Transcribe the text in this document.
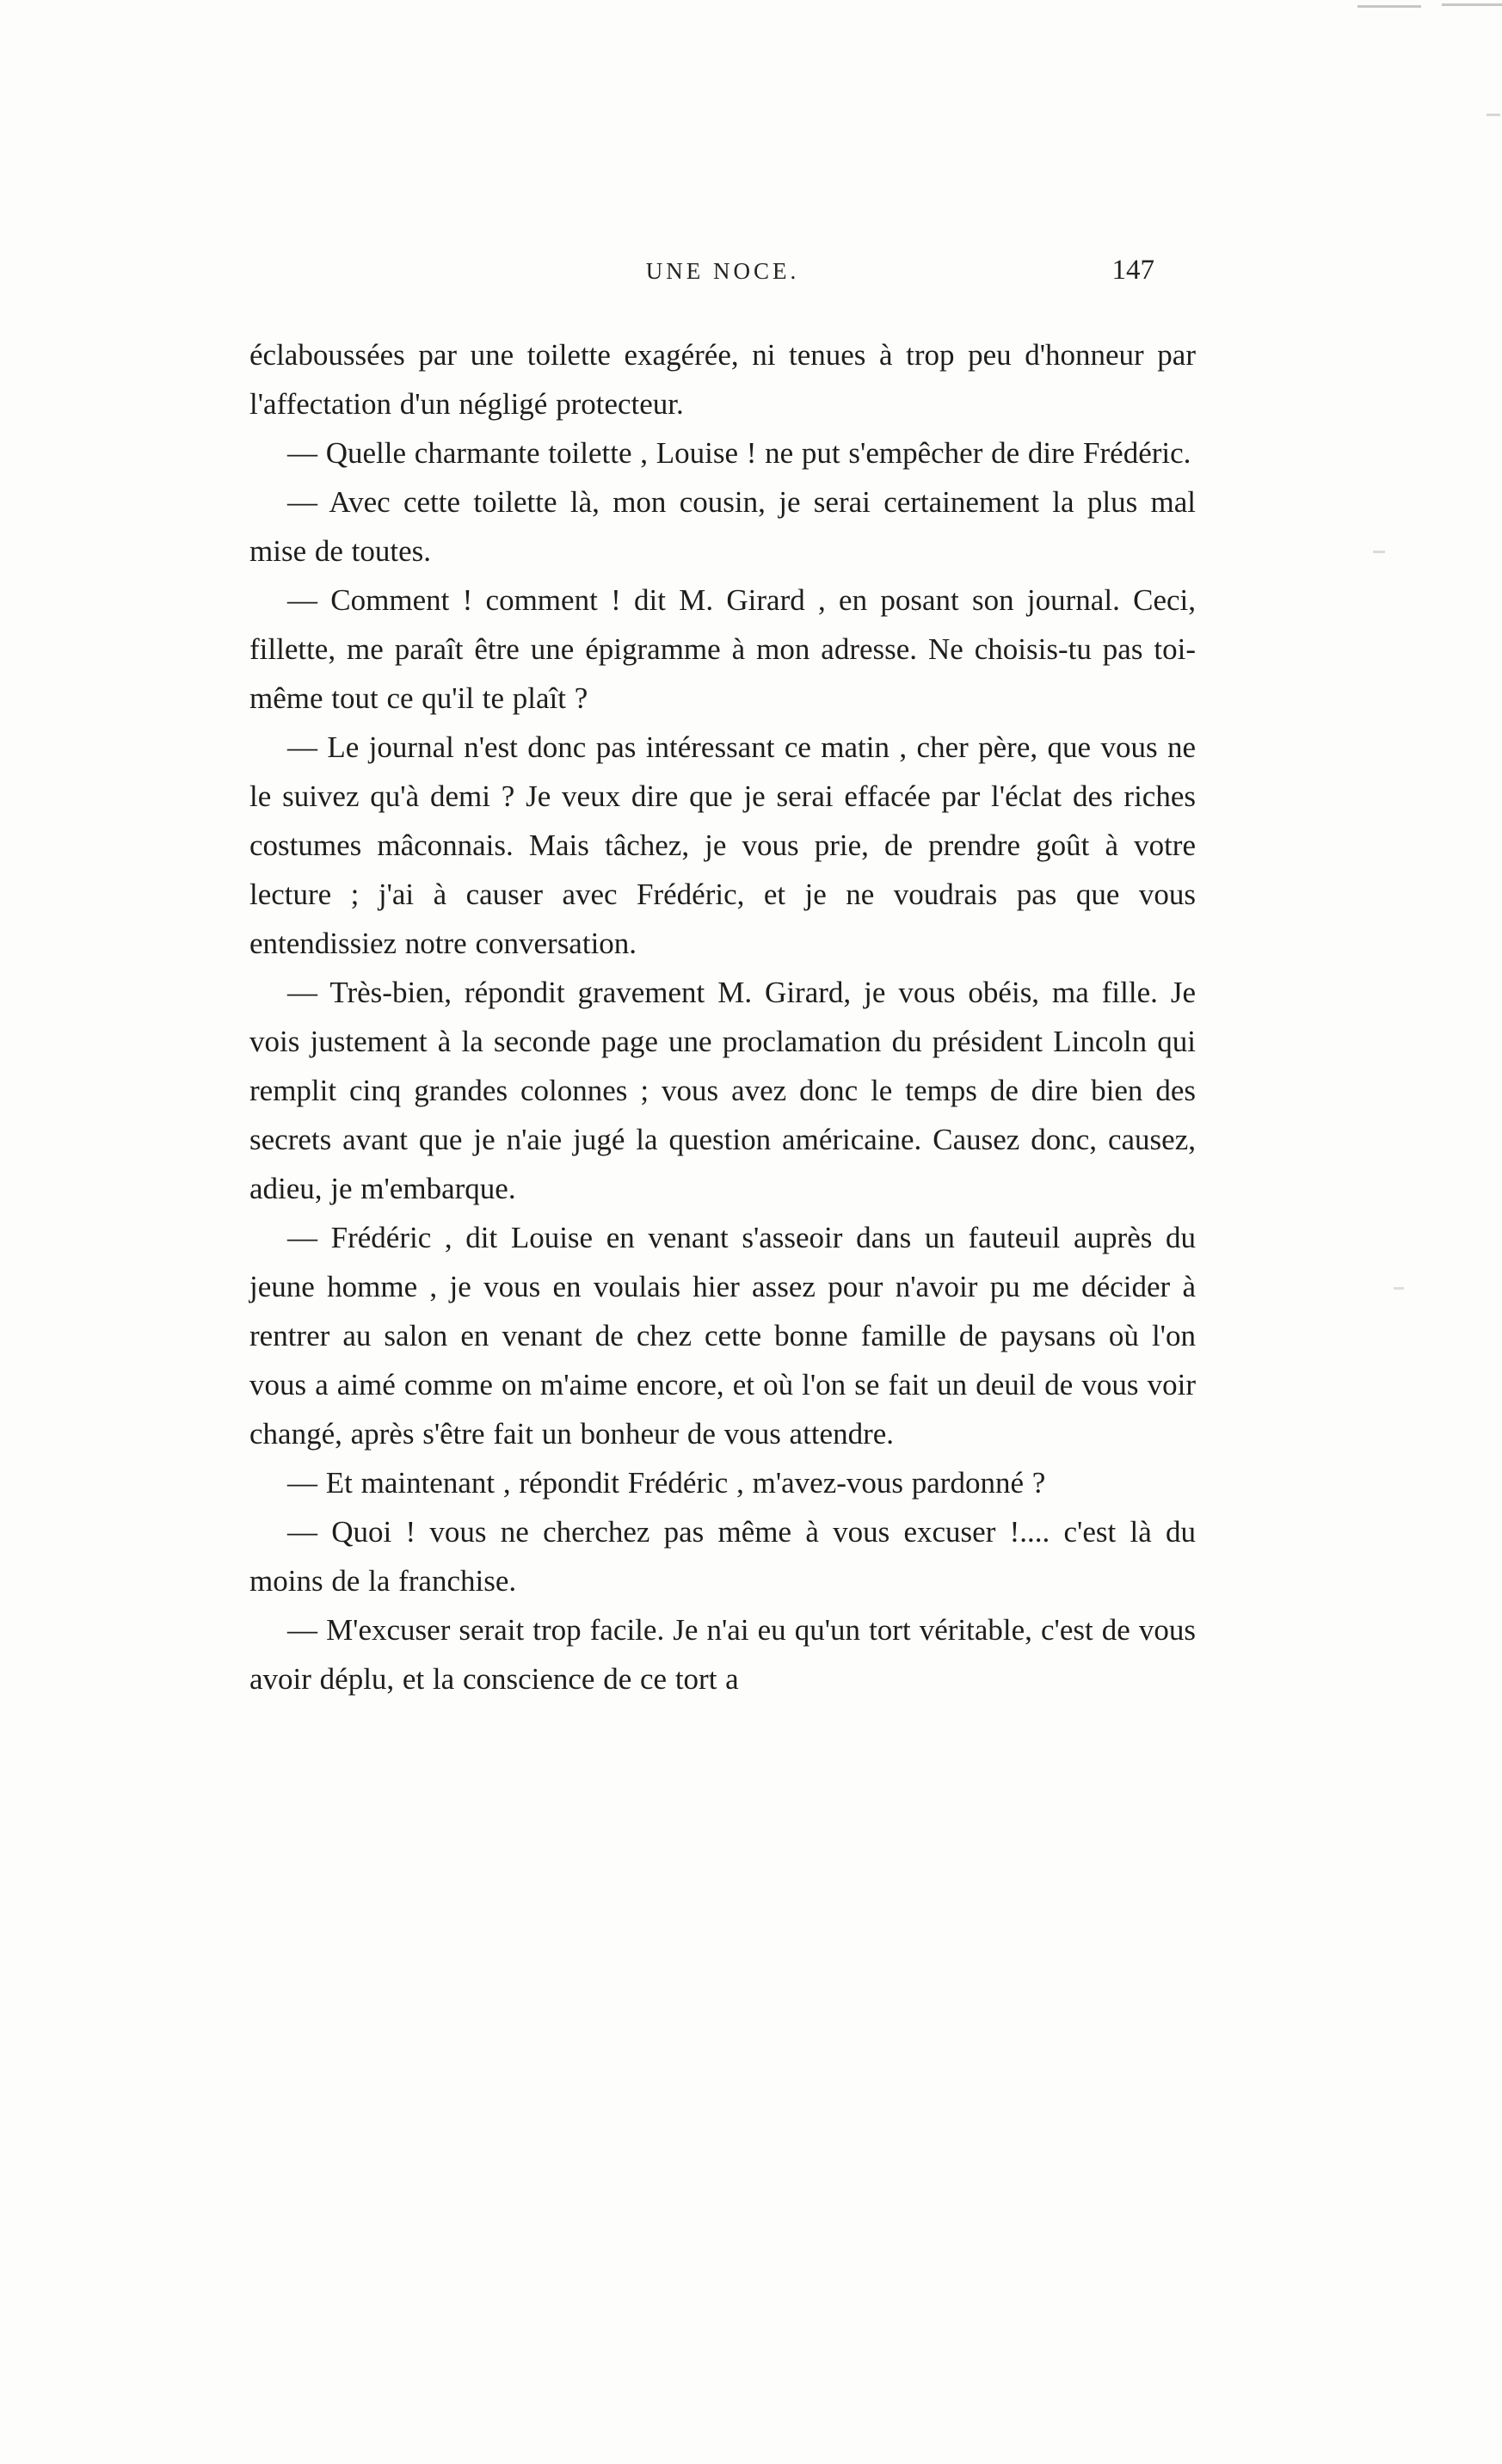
UNE NOCE.	147

éclaboussées par une toilette exagérée, ni tenues à trop peu d'honneur par l'affectation d'un négligé protecteur.

— Quelle charmante toilette , Louise ! ne put s'empêcher de dire Frédéric.

— Avec cette toilette là, mon cousin, je serai certainement la plus mal mise de toutes.

— Comment ! comment ! dit M. Girard , en posant son journal. Ceci, fillette, me paraît être une épigramme à mon adresse. Ne choisis-tu pas toi-même tout ce qu'il te plaît ?

— Le journal n'est donc pas intéressant ce matin , cher père, que vous ne le suivez qu'à demi ? Je veux dire que je serai effacée par l'éclat des riches costumes mâconnais. Mais tâchez, je vous prie, de prendre goût à votre lecture ; j'ai à causer avec Frédéric, et je ne voudrais pas que vous entendissiez notre conversation.

— Très-bien, répondit gravement M. Girard, je vous obéis, ma fille. Je vois justement à la seconde page une proclamation du président Lincoln qui remplit cinq grandes colonnes ; vous avez donc le temps de dire bien des secrets avant que je n'aie jugé la question américaine. Causez donc, causez, adieu, je m'embarque.

— Frédéric , dit Louise en venant s'asseoir dans un fauteuil auprès du jeune homme , je vous en voulais hier assez pour n'avoir pu me décider à rentrer au salon en venant de chez cette bonne famille de paysans où l'on vous a aimé comme on m'aime encore, et où l'on se fait un deuil de vous voir changé, après s'être fait un bonheur de vous attendre.

— Et maintenant , répondit Frédéric , m'avez-vous pardonné ?

— Quoi ! vous ne cherchez pas même à vous excuser !.... c'est là du moins de la franchise.

— M'excuser serait trop facile. Je n'ai eu qu'un tort véritable, c'est de vous avoir déplu, et la conscience de ce tort a
